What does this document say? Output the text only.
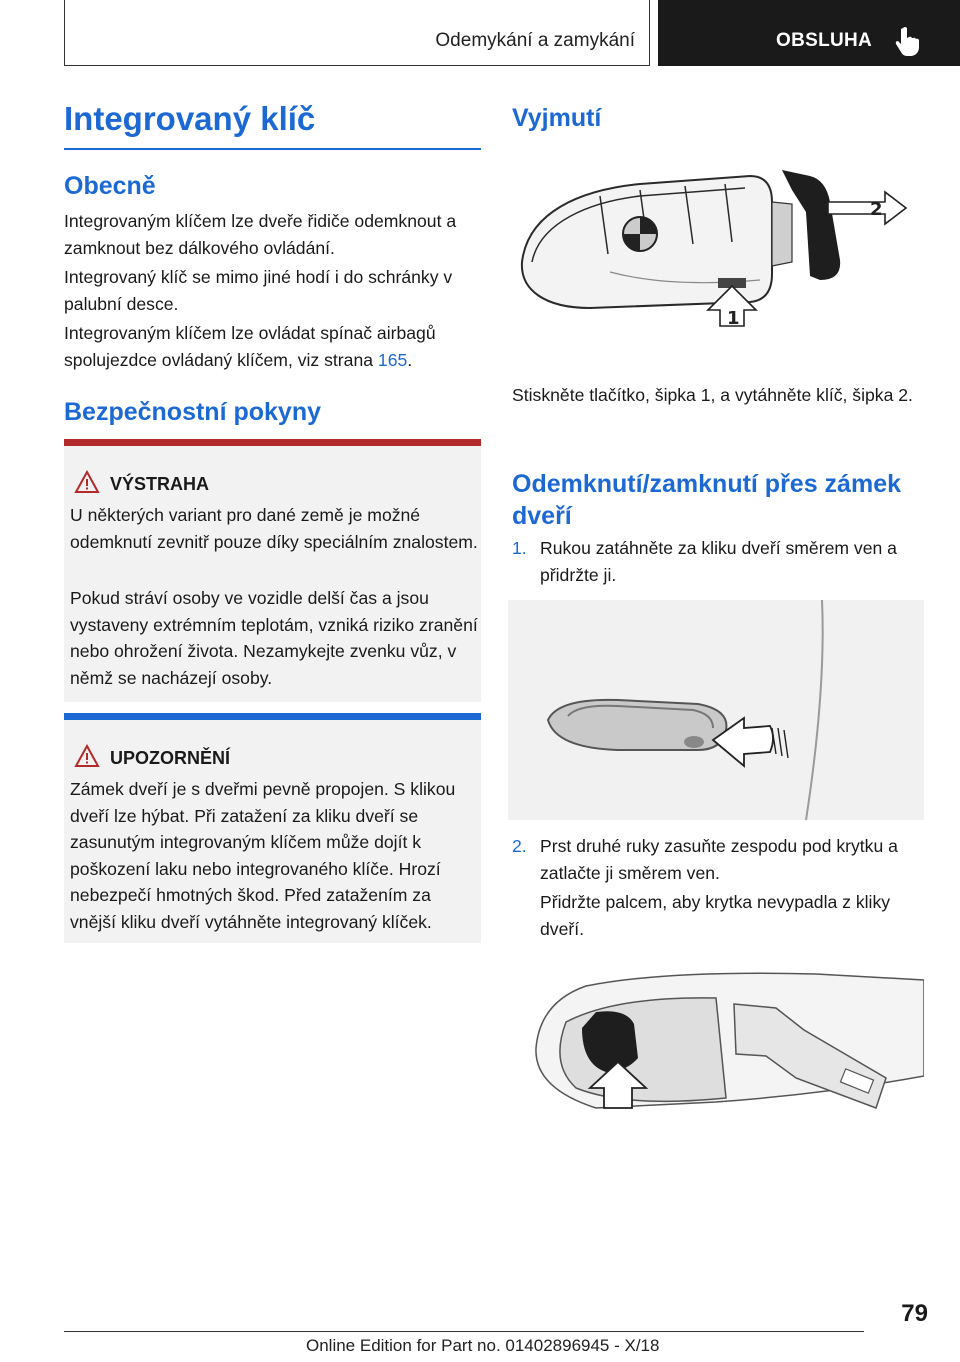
Odemykání a zamykání	OBSLUHA
Integrovaný klíč
Obecně
Integrovaným klíčem lze dveře řidiče odemknout a zamknout bez dálkového ovládání.
Integrovaný klíč se mimo jiné hodí i do schránky v palubní desce.
Integrovaným klíčem lze ovládat spínač airbagů spolujezdce ovládaný klíčem, viz strana 165.
Bezpečnostní pokyny
VÝSTRAHA
U některých variant pro dané země je možné odemknutí zevnitř pouze díky speciálním znalostem.
Pokud stráví osoby ve vozidle delší čas a jsou vystaveny extrémním teplotám, vzniká riziko zranění nebo ohrožení života. Nezamykejte zvenku vůz, v němž se nacházejí osoby.
UPOZORNĚNÍ
Zámek dveří je s dveřmi pevně propojen. S klikou dveří lze hýbat. Při zatažení za kliku dveří se zasunutým integrovaným klíčem může dojít k poškození laku nebo integrovaného klíče. Hrozí nebezpečí hmotných škod. Před zatažením za vnější kliku dveří vytáhněte integrovaný klíček.
Vyjmutí
2
1
Stiskněte tlačítko, šipka 1, a vytáhněte klíč, šipka 2.
Odemknutí/zamknutí přes zámek dveří
1. Rukou zatáhněte za kliku dveří směrem ven a přidržte ji.
2. Prst druhé ruky zasuňte zespodu pod krytku a zatlačte ji směrem ven.
Přidržte palcem, aby krytka nevypadla z kliky dveří.
79
Online Edition for Part no. 01402896945 - X/18
